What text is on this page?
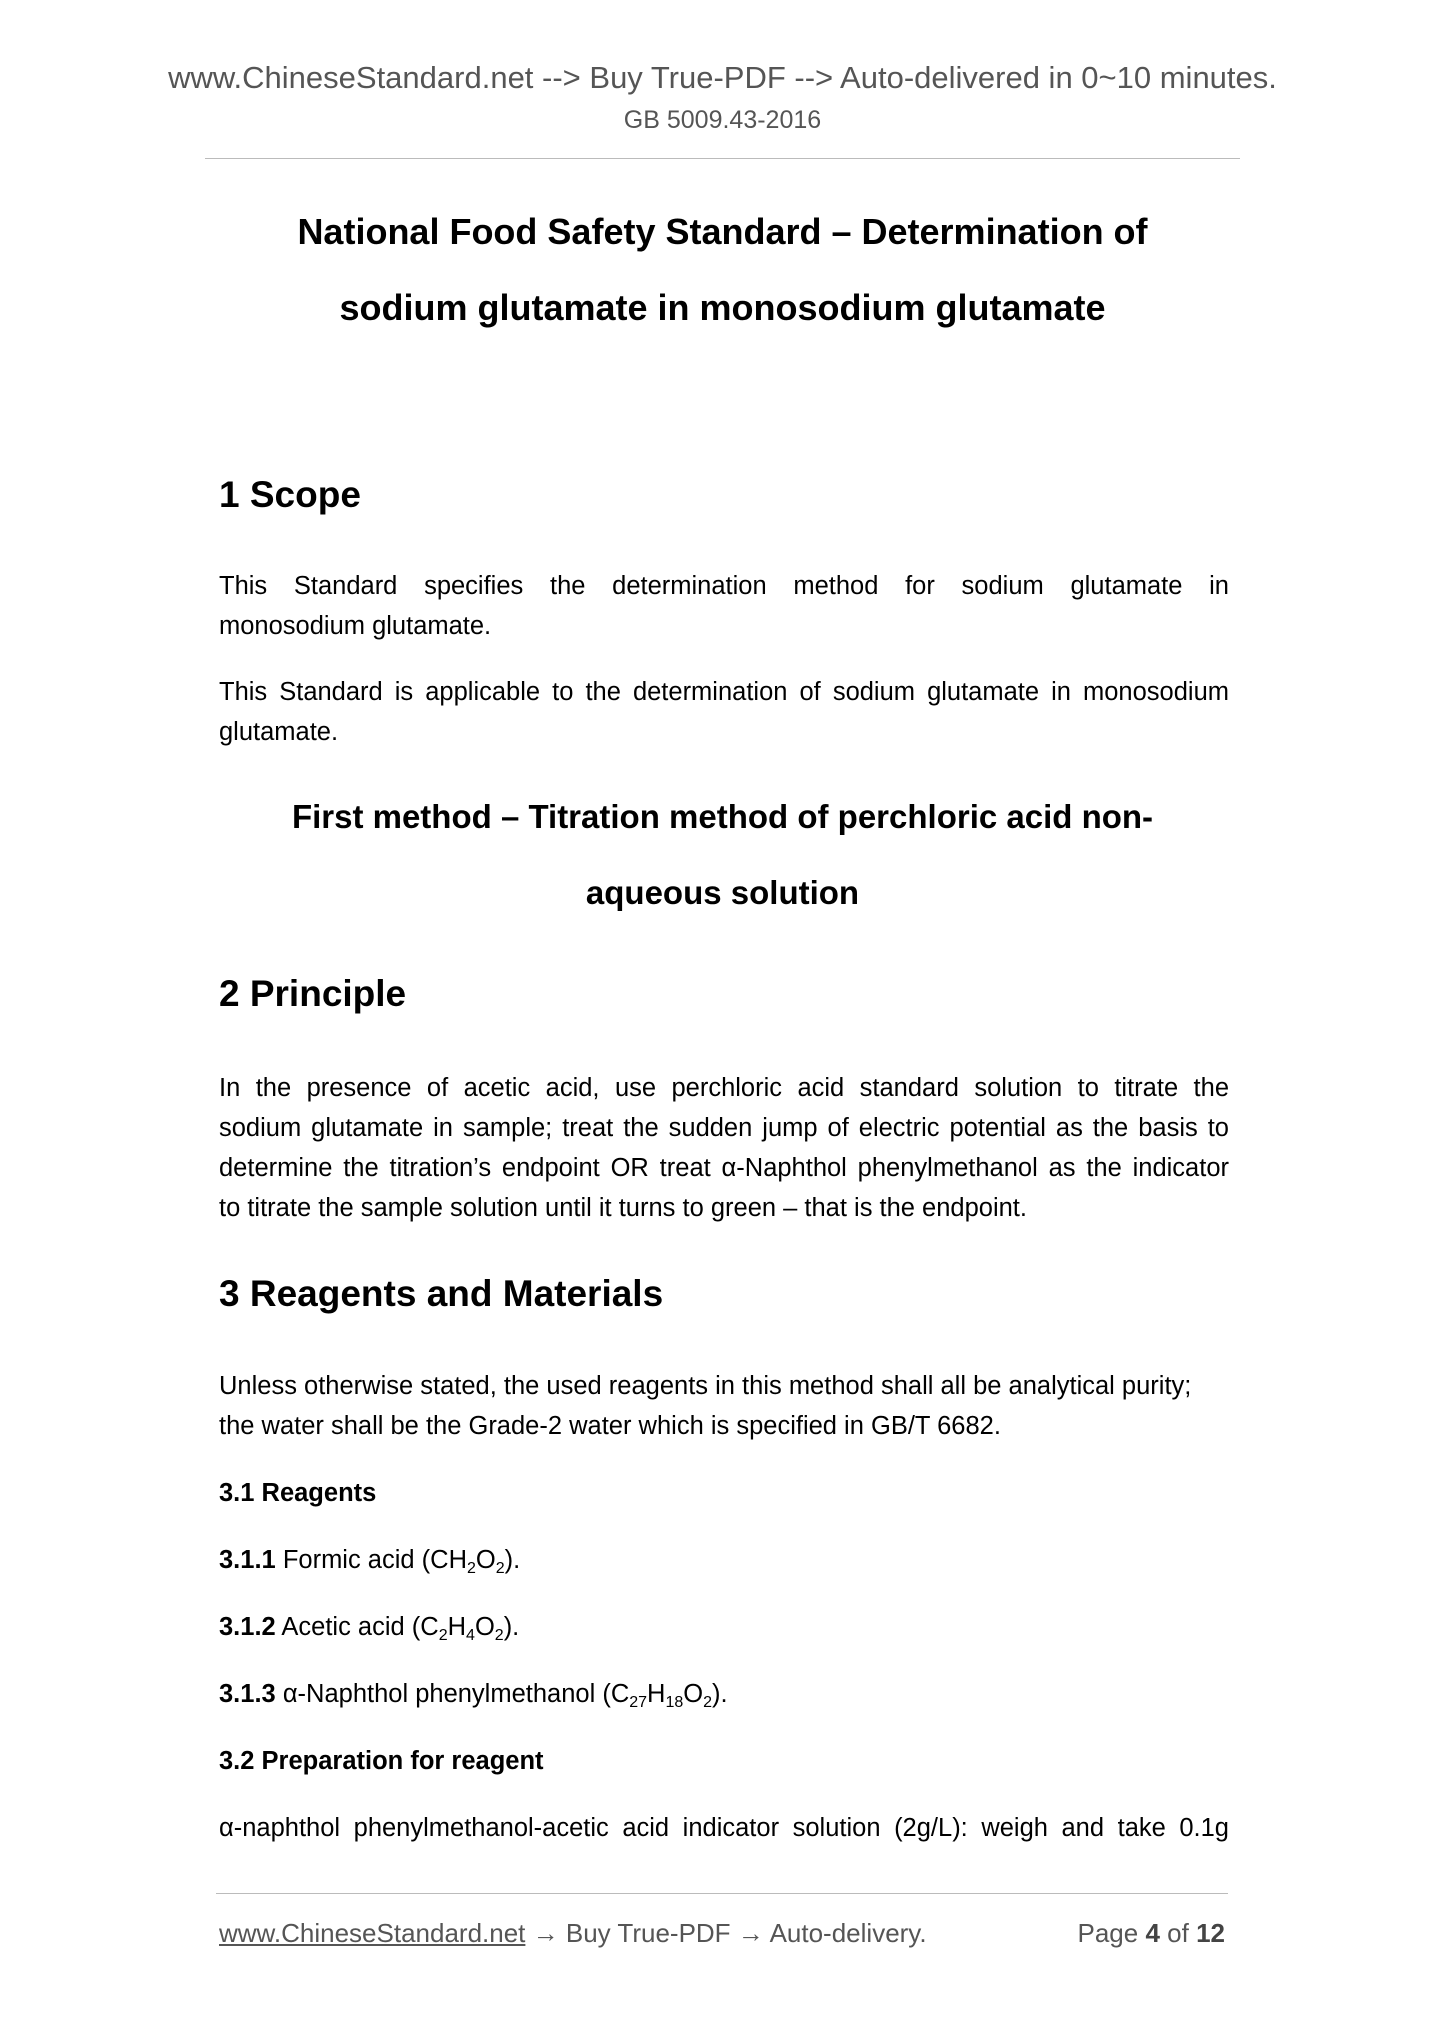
www.ChineseStandard.net --> Buy True-PDF --> Auto-delivered in 0~10 minutes.
GB 5009.43-2016
National Food Safety Standard – Determination of
sodium glutamate in monosodium glutamate
1 Scope

This Standard specifies the determination method for sodium glutamate in
monosodium glutamate.

This Standard is applicable to the determination of sodium glutamate in monosodium
glutamate.

First method – Titration method of perchloric acid non-
aqueous solution
2 Principle

In the presence of acetic acid, use perchloric acid standard solution to titrate the
sodium glutamate in sample; treat the sudden jump of electric potential as the basis to
determine the titration’s endpoint OR treat α-Naphthol phenylmethanol as the indicator
to titrate the sample solution until it turns to green – that is the endpoint.

3 Reagents and Materials

Unless otherwise stated, the used reagents in this method shall all be analytical purity;
the water shall be the Grade-2 water which is specified in GB/T 6682.

3.1 Reagents
3.1.1 Formic acid $(CH_2O_2)$.
3.1.2 Acetic acid $(C_2H_4O_2)$.
3.1.3 α-Naphthol phenylmethanol $(C_{27}H_{18}O_2)$.
3.2 Preparation for reagent

α-naphthol phenylmethanol-acetic acid indicator solution (2g/L): weigh and take 0.1g

www.ChineseStandard.net → Buy True-PDF → Auto-delivery.	Page 4 of 12
